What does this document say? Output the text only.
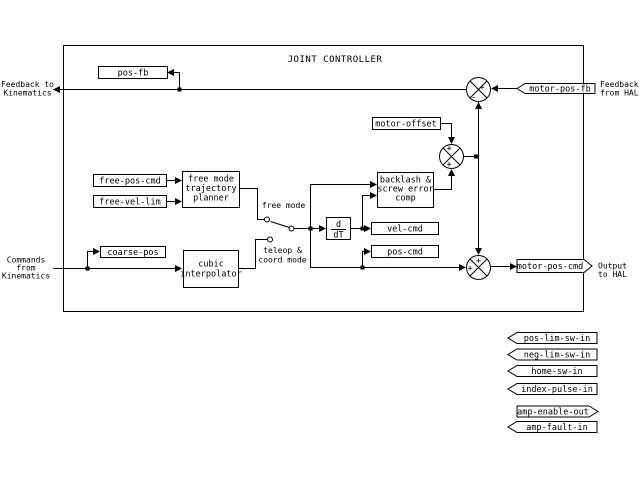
JOINT CONTROLLER
free mode
teleop &
coord mode
pos-fb
motor-offset
free-pos-cmd
free-vel-lim
free mode
trajectory
planner
coarse-pos
cubic
interpolator
d
dT
backlash &
screw error
comp
vel-cmd
pos-cmd
+
-
+
+
+
+
motor-pos-fb
motor-pos-cmd
pos-lim-sw-in
neg-lim-sw-in
home-sw-in
index-pulse-in
amp-enable-out
amp-fault-in
Feedback to
Kinematics
Commands
from
Kinematics
Feedback
from HAL
Output
to HAL
